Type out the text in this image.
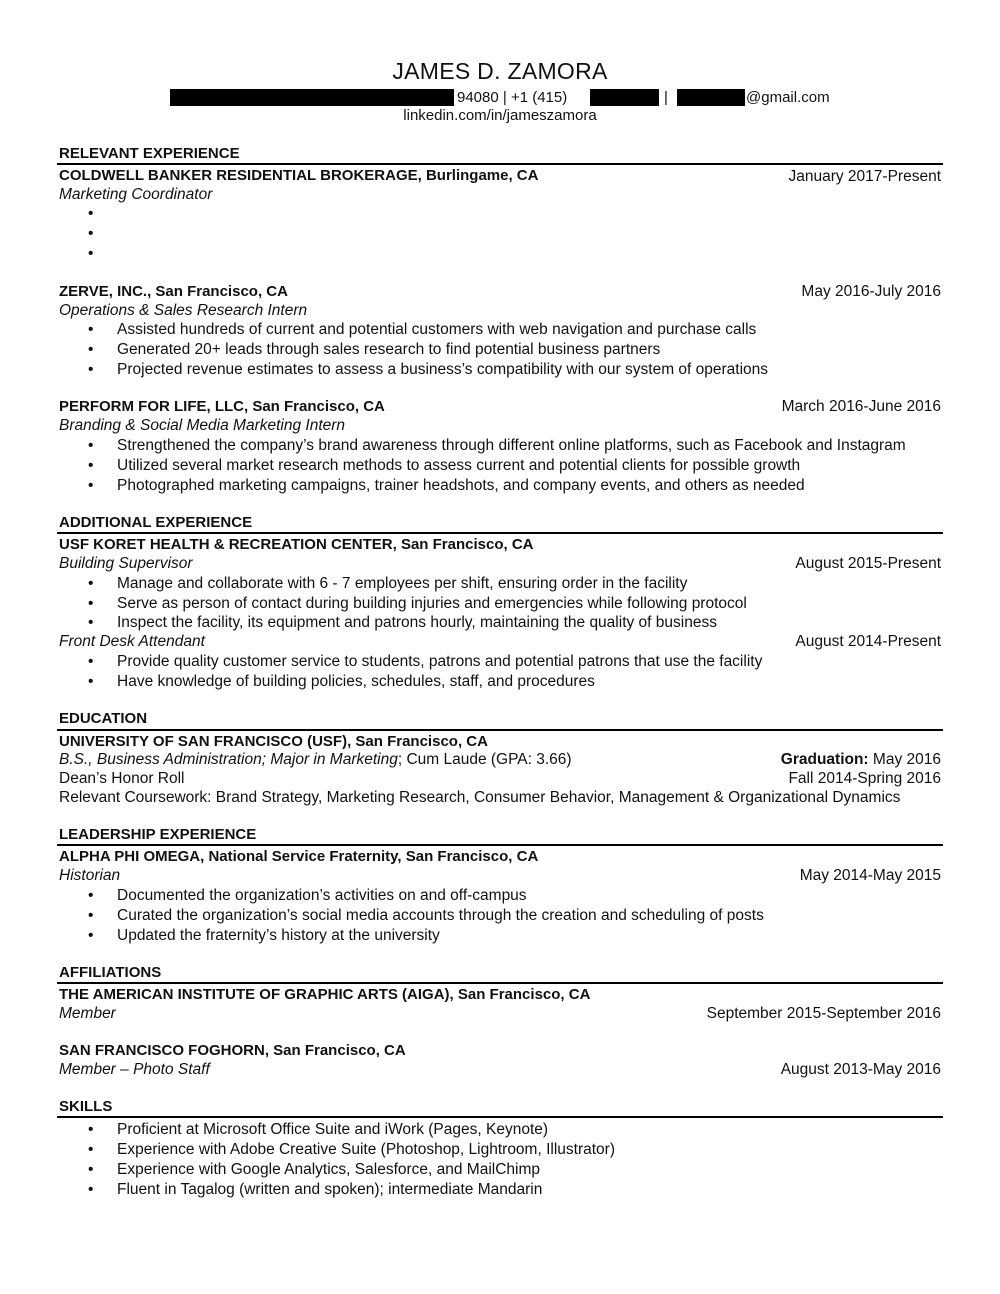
JAMES D. ZAMORA
94080 | +1 (415)	|	@gmail.com
linkedin.com/in/jameszamora
RELEVANT EXPERIENCE
COLDWELL BANKER RESIDENTIAL BROKERAGE, Burlingame, CA	January 2017-Present
Marketing Coordinator
•
•
•
ZERVE, INC., San Francisco, CA	May 2016-July 2016
Operations & Sales Research Intern
• Assisted hundreds of current and potential customers with web navigation and purchase calls
• Generated 20+ leads through sales research to find potential business partners
• Projected revenue estimates to assess a business’s compatibility with our system of operations
PERFORM FOR LIFE, LLC, San Francisco, CA	March 2016-June 2016
Branding & Social Media Marketing Intern
• Strengthened the company’s brand awareness through different online platforms, such as Facebook and Instagram
• Utilized several market research methods to assess current and potential clients for possible growth
• Photographed marketing campaigns, trainer headshots, and company events, and others as needed
ADDITIONAL EXPERIENCE
USF KORET HEALTH & RECREATION CENTER, San Francisco, CA
Building Supervisor	August 2015-Present
• Manage and collaborate with 6 - 7 employees per shift, ensuring order in the facility
• Serve as person of contact during building injuries and emergencies while following protocol
• Inspect the facility, its equipment and patrons hourly, maintaining the quality of business
Front Desk Attendant	August 2014-Present
• Provide quality customer service to students, patrons and potential patrons that use the facility
• Have knowledge of building policies, schedules, staff, and procedures
EDUCATION
UNIVERSITY OF SAN FRANCISCO (USF), San Francisco, CA
B.S., Business Administration; Major in Marketing; Cum Laude (GPA: 3.66)	Graduation: May 2016
Dean’s Honor Roll	Fall 2014-Spring 2016
Relevant Coursework: Brand Strategy, Marketing Research, Consumer Behavior, Management & Organizational Dynamics
LEADERSHIP EXPERIENCE
ALPHA PHI OMEGA, National Service Fraternity, San Francisco, CA
Historian	May 2014-May 2015
• Documented the organization’s activities on and off-campus
• Curated the organization’s social media accounts through the creation and scheduling of posts
• Updated the fraternity’s history at the university
AFFILIATIONS
THE AMERICAN INSTITUTE OF GRAPHIC ARTS (AIGA), San Francisco, CA
Member	September 2015-September 2016
SAN FRANCISCO FOGHORN, San Francisco, CA
Member – Photo Staff	August 2013-May 2016
SKILLS
• Proficient at Microsoft Office Suite and iWork (Pages, Keynote)
• Experience with Adobe Creative Suite (Photoshop, Lightroom, Illustrator)
• Experience with Google Analytics, Salesforce, and MailChimp
• Fluent in Tagalog (written and spoken); intermediate Mandarin
